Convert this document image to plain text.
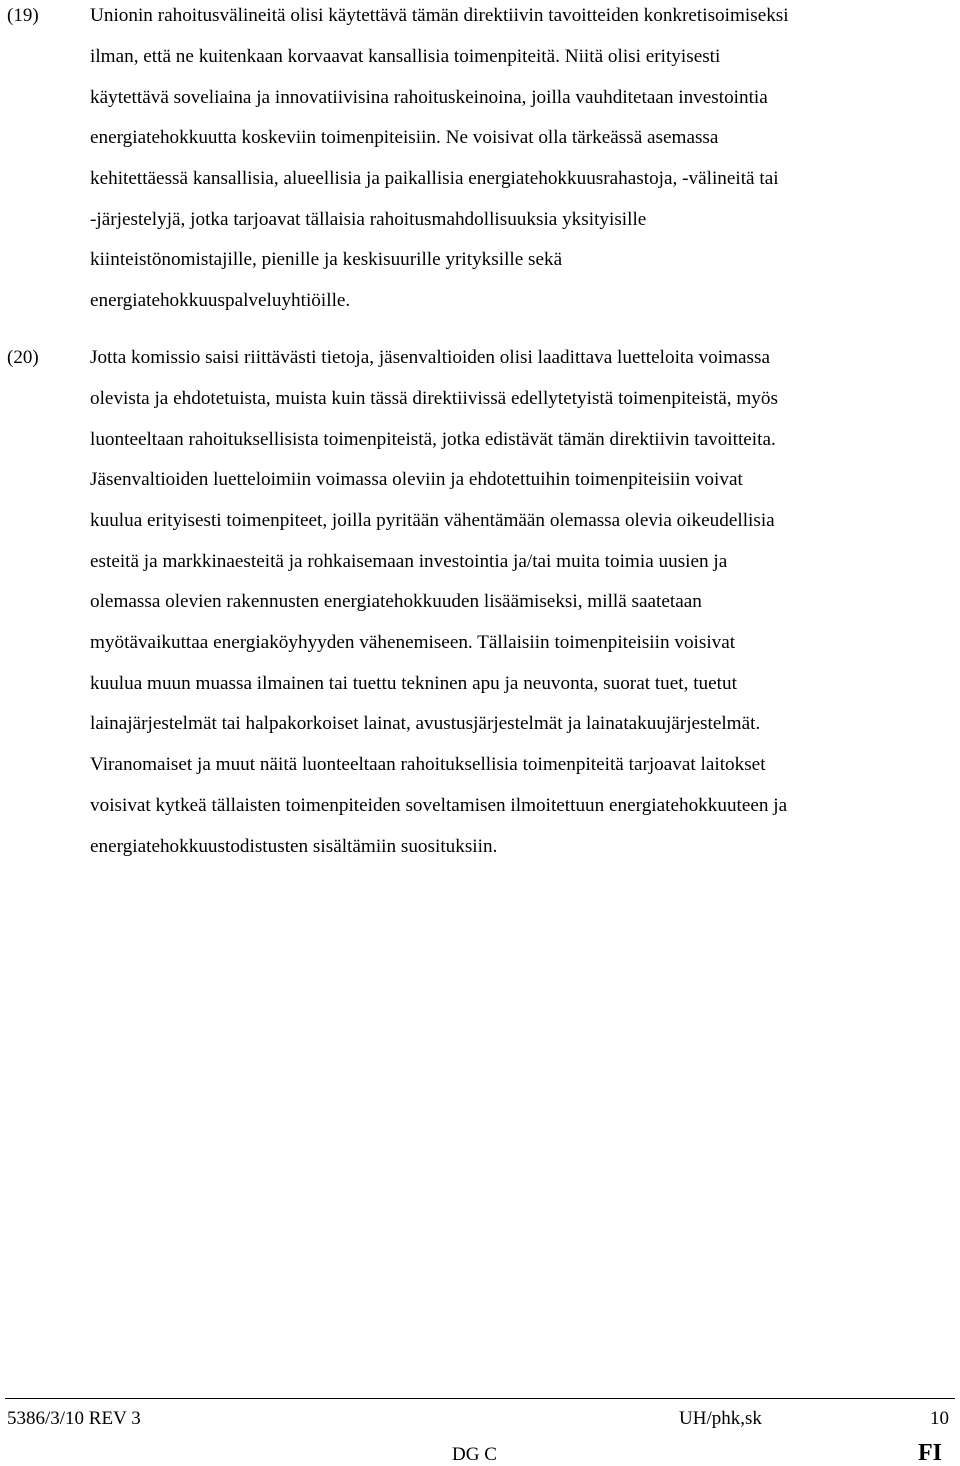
(19)	Unionin rahoitusvälineitä olisi käytettävä tämän direktiivin tavoitteiden konkretisoimiseksi
ilman, että ne kuitenkaan korvaavat kansallisia toimenpiteitä. Niitä olisi erityisesti
käytettävä soveliaina ja innovatiivisina rahoituskeinoina, joilla vauhditetaan investointia
energiatehokkuutta koskeviin toimenpiteisiin. Ne voisivat olla tärkeässä asemassa
kehitettäessä kansallisia, alueellisia ja paikallisia energiatehokkuusrahastoja, -välineitä tai
-järjestelyjä, jotka tarjoavat tällaisia rahoitusmahdollisuuksia yksityisille
kiinteistönomistajille, pienille ja keskisuurille yrityksille sekä
energiatehokkuuspalveluyhtiöille.
(20)	Jotta komissio saisi riittävästi tietoja, jäsenvaltioiden olisi laadittava luetteloita voimassa
olevista ja ehdotetuista, muista kuin tässä direktiivissä edellytetyistä toimenpiteistä, myös
luonteeltaan rahoituksellisista toimenpiteistä, jotka edistävät tämän direktiivin tavoitteita.
Jäsenvaltioiden luetteloimiin voimassa oleviin ja ehdotettuihin toimenpiteisiin voivat
kuulua erityisesti toimenpiteet, joilla pyritään vähentämään olemassa olevia oikeudellisia
esteitä ja markkinaesteitä ja rohkaisemaan investointia ja/tai muita toimia uusien ja
olemassa olevien rakennusten energiatehokkuuden lisäämiseksi, millä saatetaan
myötävaikuttaa energiaköyhyyden vähenemiseen. Tällaisiin toimenpiteisiin voisivat
kuulua muun muassa ilmainen tai tuettu tekninen apu ja neuvonta, suorat tuet, tuetut
lainajärjestelmät tai halpakorkoiset lainat, avustusjärjestelmät ja lainatakuujärjestelmät.
Viranomaiset ja muut näitä luonteeltaan rahoituksellisia toimenpiteitä tarjoavat laitokset
voisivat kytkeä tällaisten toimenpiteiden soveltamisen ilmoitettuun energiatehokkuuteen ja
energiatehokkuustodistusten sisältämiin suosituksiin.
5386/3/10 REV 3	UH/phk,sk	10
DG C	FI
